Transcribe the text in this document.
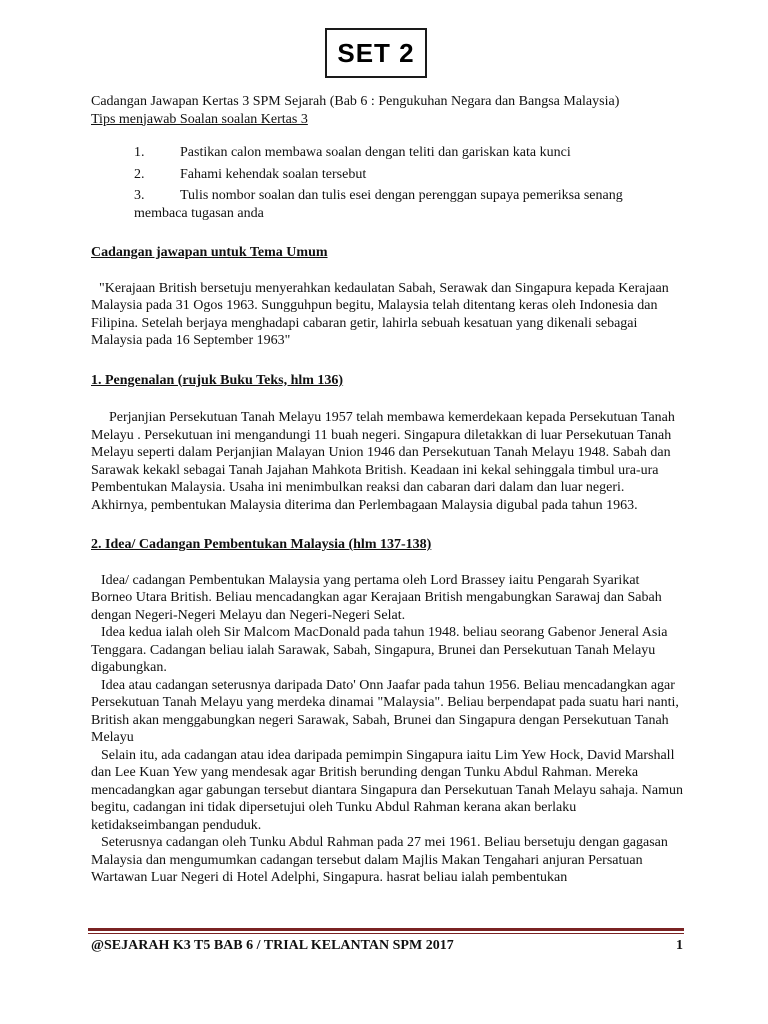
SET 2

Cadangan Jawapan Kertas 3 SPM Sejarah (Bab 6 : Pengukuhan Negara dan Bangsa Malaysia)

Tips menjawab Soalan soalan Kertas 3

1.	Pastikan calon membawa soalan dengan teliti dan gariskan kata kunci
2.	Fahami kehendak soalan tersebut
3.	Tulis nombor soalan dan tulis esei dengan perenggan supaya pemeriksa senang
membaca tugasan anda

Cadangan jawapan untuk Tema Umum

"Kerajaan British bersetuju menyerahkan kedaulatan Sabah, Serawak dan Singapura kepada Kerajaan Malaysia pada 31 Ogos 1963. Sungguhpun begitu, Malaysia telah ditentang keras oleh Indonesia dan Filipina. Setelah berjaya menghadapi cabaran getir, lahirla sebuah kesatuan yang dikenali sebagai Malaysia pada 16 September 1963"

1. Pengenalan (rujuk Buku Teks, hlm 136)

Perjanjian Persekutuan Tanah Melayu 1957 telah membawa kemerdekaan kepada Persekutuan Tanah Melayu . Persekutuan ini mengandungi 11 buah negeri. Singapura diletakkan di luar Persekutuan Tanah Melayu seperti dalam Perjanjian Malayan Union 1946 dan Persekutuan Tanah Melayu 1948. Sabah dan Sarawak kekakl sebagai Tanah Jajahan Mahkota British. Keadaan ini kekal sehinggala timbul ura-ura Pembentukan Malaysia. Usaha ini menimbulkan reaksi dan cabaran dari dalam dan luar negeri. Akhirnya, pembentukan Malaysia diterima dan Perlembagaan Malaysia digubal pada tahun 1963.

2. Idea/ Cadangan Pembentukan Malaysia (hlm 137-138)

Idea/ cadangan Pembentukan Malaysia yang pertama oleh Lord Brassey iaitu Pengarah Syarikat Borneo Utara British. Beliau mencadangkan agar Kerajaan British mengabungkan Sarawaj dan Sabah dengan Negeri-Negeri Melayu dan Negeri-Negeri Selat.

Idea kedua ialah oleh Sir Malcom MacDonald pada tahun 1948. beliau seorang Gabenor Jeneral Asia Tenggara. Cadangan beliau ialah Sarawak, Sabah, Singapura, Brunei dan Persekutuan Tanah Melayu digabungkan.

Idea atau cadangan seterusnya daripada Dato' Onn Jaafar pada tahun 1956. Beliau mencadangkan agar Persekutuan Tanah Melayu yang merdeka dinamai "Malaysia". Beliau berpendapat pada suatu hari nanti, British akan menggabungkan negeri Sarawak, Sabah, Brunei dan Singapura dengan Persekutuan Tanah Melayu

Selain itu, ada cadangan atau idea daripada pemimpin Singapura iaitu Lim Yew Hock, David Marshall dan Lee Kuan Yew yang mendesak agar British berunding dengan Tunku Abdul Rahman. Mereka mencadangkan agar gabungan tersebut diantara Singapura dan Persekutuan Tanah Melayu sahaja. Namun begitu, cadangan ini tidak dipersetujui oleh Tunku Abdul Rahman kerana akan berlaku ketidakseimbangan penduduk.

Seterusnya cadangan oleh Tunku Abdul Rahman pada 27 mei 1961. Beliau bersetuju dengan gagasan Malaysia dan mengumumkan cadangan tersebut dalam Majlis Makan Tengahari anjuran Persatuan Wartawan Luar Negeri di Hotel Adelphi, Singapura. hasrat beliau ialah pembentukan

@SEJARAH K3 T5 BAB 6 / TRIAL KELANTAN SPM 2017	1
